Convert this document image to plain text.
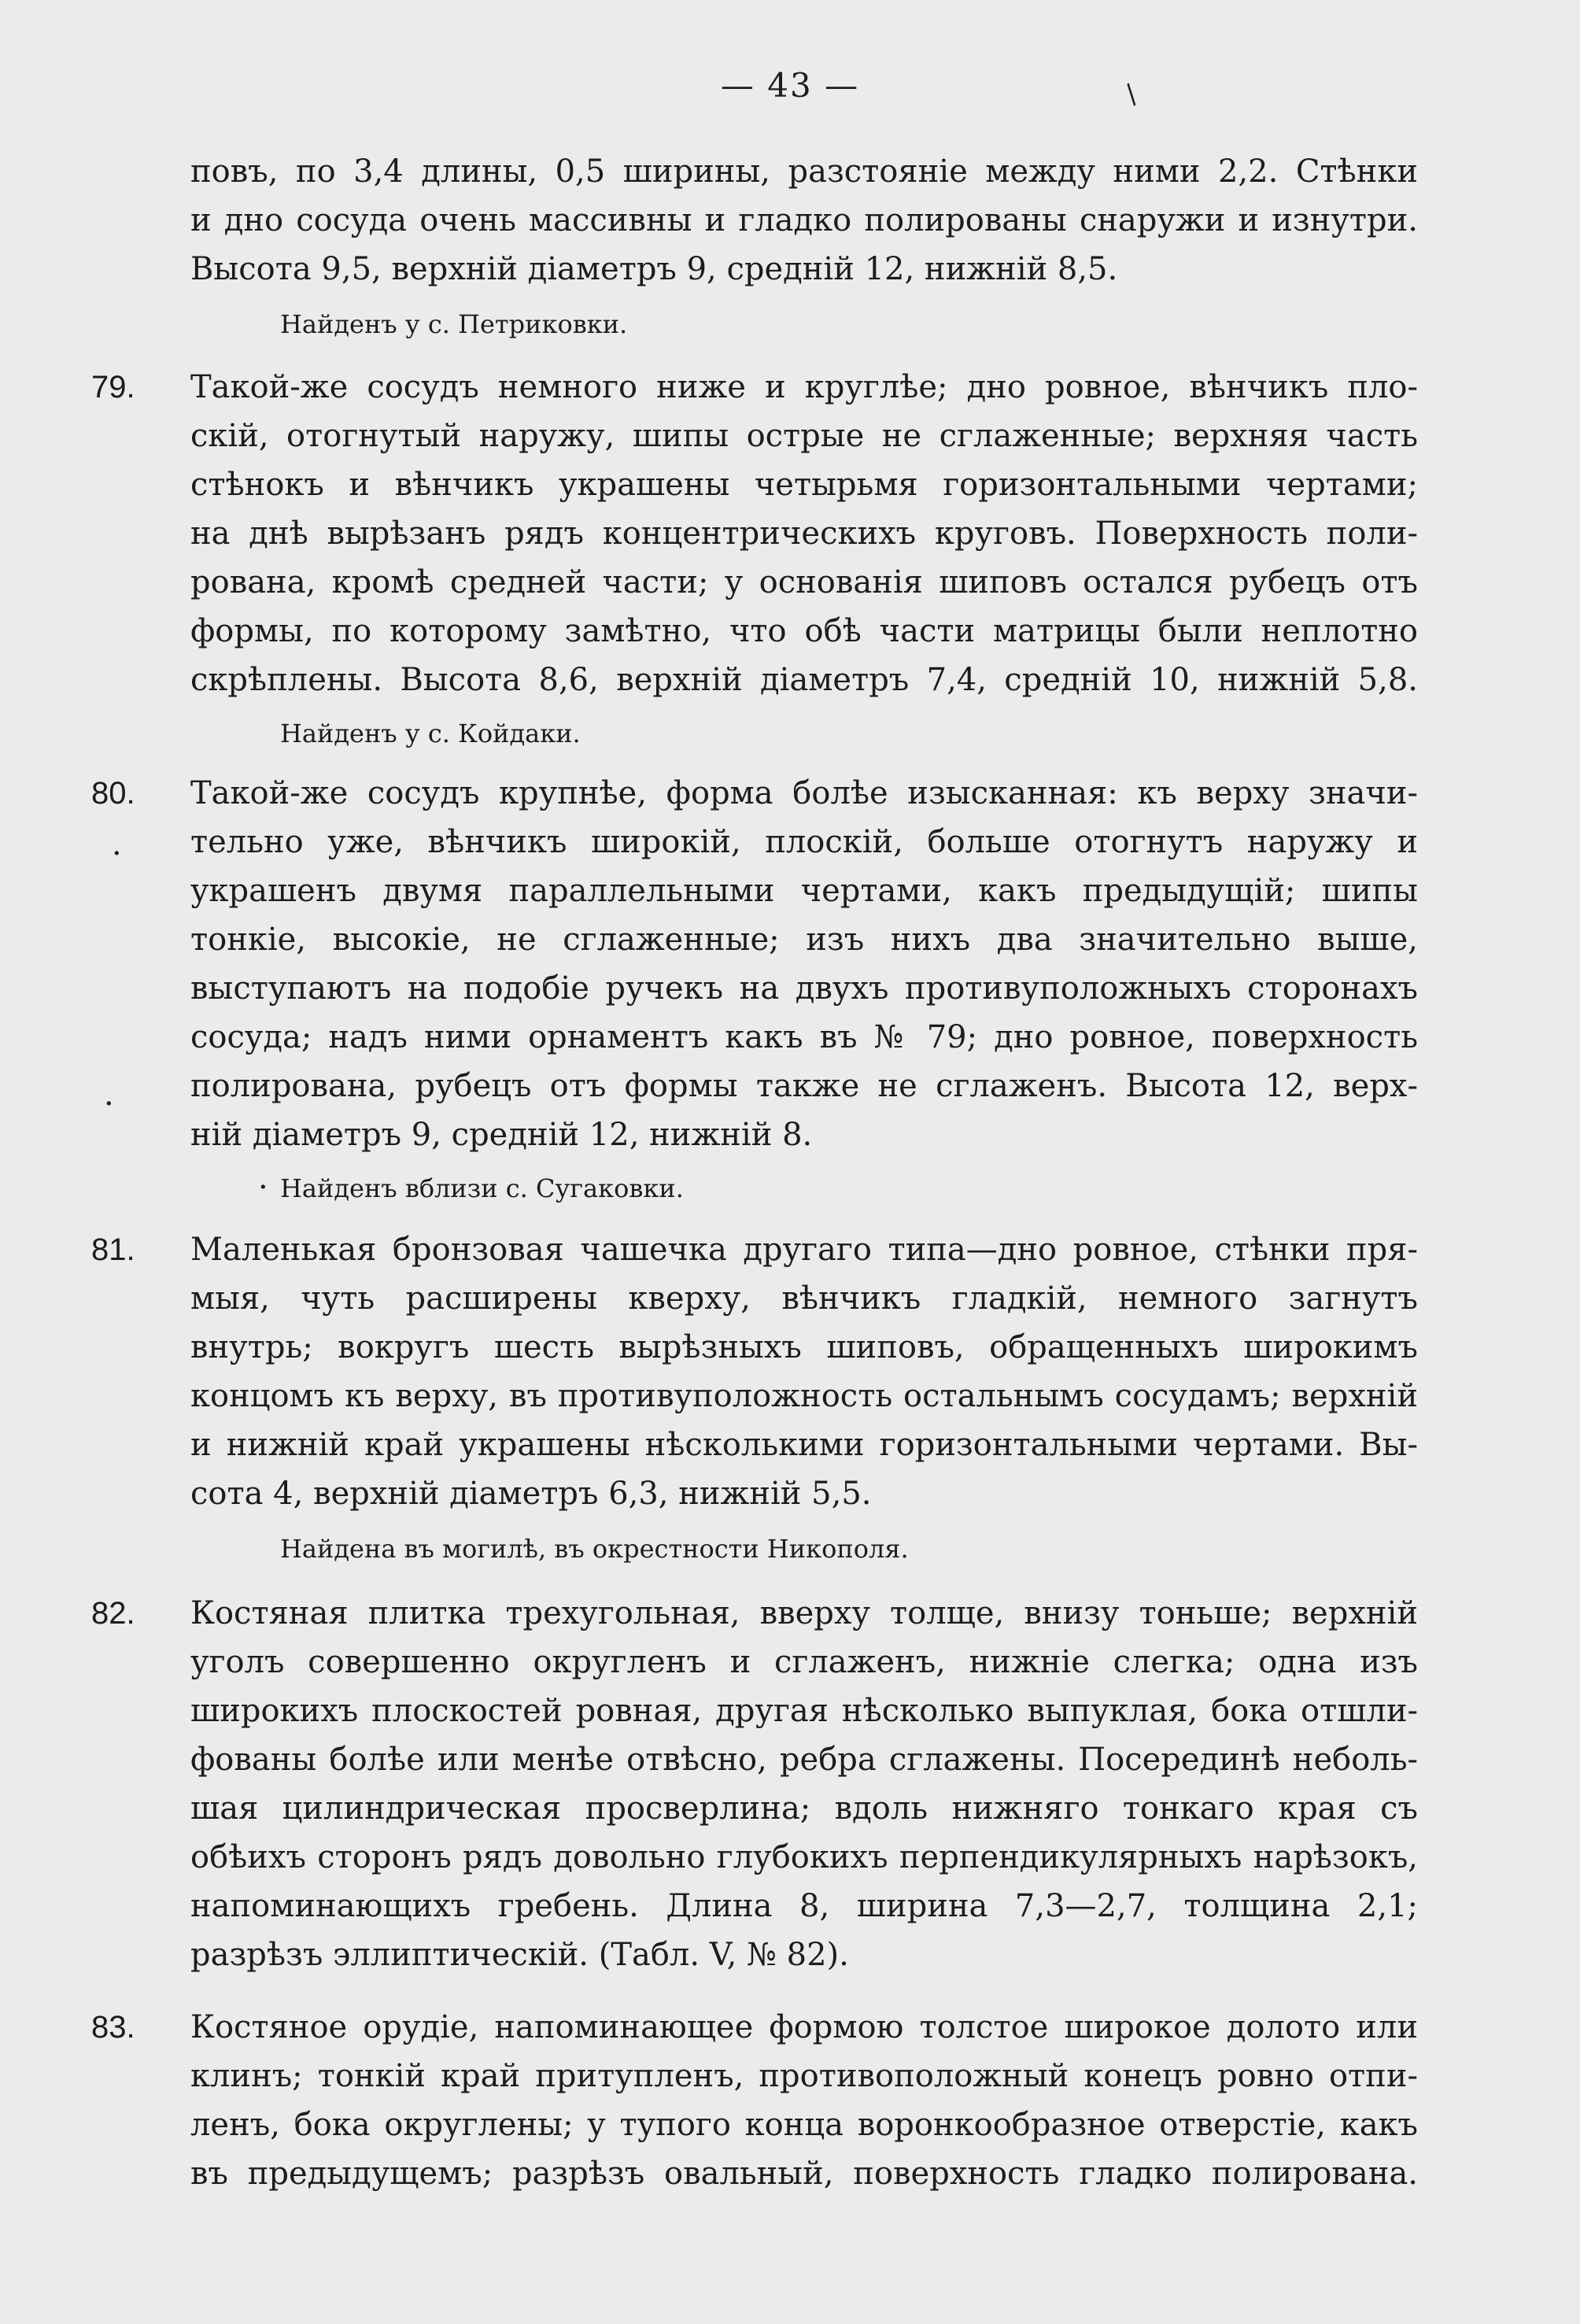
— 43 —	/
повъ, по 3,4 длины, 0,5 ширины, разстояніе между ними 2,2. Стѣнки
и дно сосуда очень массивны и гладко полированы снаружи и изнутри.
Высота 9,5, верхній діаметръ 9, средній 12, нижній 8,5.
Найденъ у с. Петриковки.
79. Такой-же сосудъ немного ниже и круглѣе; дно ровное, вѣнчикъ пло-
скій, отогнутый наружу, шипы острые не сглаженные; верхняя часть
стѣнокъ и вѣнчикъ украшены четырьмя горизонтальными чертами;
на днѣ вырѣзанъ рядъ концентрическихъ круговъ. Поверхность поли-
рована, кромѣ средней части; у основанія шиповъ остался рубецъ отъ
формы, по которому замѣтно, что обѣ части матрицы были неплотно
скрѣплены. Высота 8,6, верхній діаметръ 7,4, средній 10, нижній 5,8.
Найденъ у с. Койдаки.
80. Такой-же сосудъ крупнѣе, форма болѣе изысканная: къ верху значи-
тельно уже, вѣнчикъ широкій, плоскій, больше отогнутъ наружу и
украшенъ двумя параллельными чертами, какъ предыдущій; шипы
тонкіе, высокіе, не сглаженные; изъ нихъ два значительно выше,
выступаютъ на подобіе ручекъ на двухъ противуположныхъ сторонахъ
сосуда; надъ ними орнаментъ какъ въ № 79; дно ровное, поверхность
полирована, рубецъ отъ формы также не сглаженъ. Высота 12, верх-
ній діаметръ 9, средній 12, нижній 8.
Найденъ вблизи с. Сугаковки.
·
·
·
81. Маленькая бронзовая чашечка другаго типа—дно ровное, стѣнки пря-
мыя, чуть расширены кверху, вѣнчикъ гладкій, немного загнутъ
внутрь; вокругъ шесть вырѣзныхъ шиповъ, обращенныхъ широкимъ
концомъ къ верху, въ противуположность остальнымъ сосудамъ; верхній
и нижній край украшены нѣсколькими горизонтальными чертами. Вы-
сота 4, верхній діаметръ 6,3, нижній 5,5.
Найдена въ могилѣ, въ окрестности Никополя.
82. Костяная плитка трехугольная, вверху толще, внизу тоньше; верхній
уголъ совершенно округленъ и сглаженъ, нижніе слегка; одна изъ
широкихъ плоскостей ровная, другая нѣсколько выпуклая, бока отшли-
фованы болѣе или менѣе отвѣсно, ребра сглажены. Посерединѣ неболь-
шая цилиндрическая просверлина; вдоль нижняго тонкаго края съ
обѣихъ сторонъ рядъ довольно глубокихъ перпендикулярныхъ нарѣзокъ,
напоминающихъ гребень. Длина 8, ширина 7,3—2,7, толщина 2,1;
разрѣзъ эллиптическій. (Табл. V, № 82).
83. Костяное орудіе, напоминающее формою толстое широкое долото или
клинъ; тонкій край притупленъ, противоположный конецъ ровно отпи-
ленъ, бока округлены; у тупого конца воронкообразное отверстіе, какъ
въ предыдущемъ; разрѣзъ овальный, поверхность гладко полирована.
